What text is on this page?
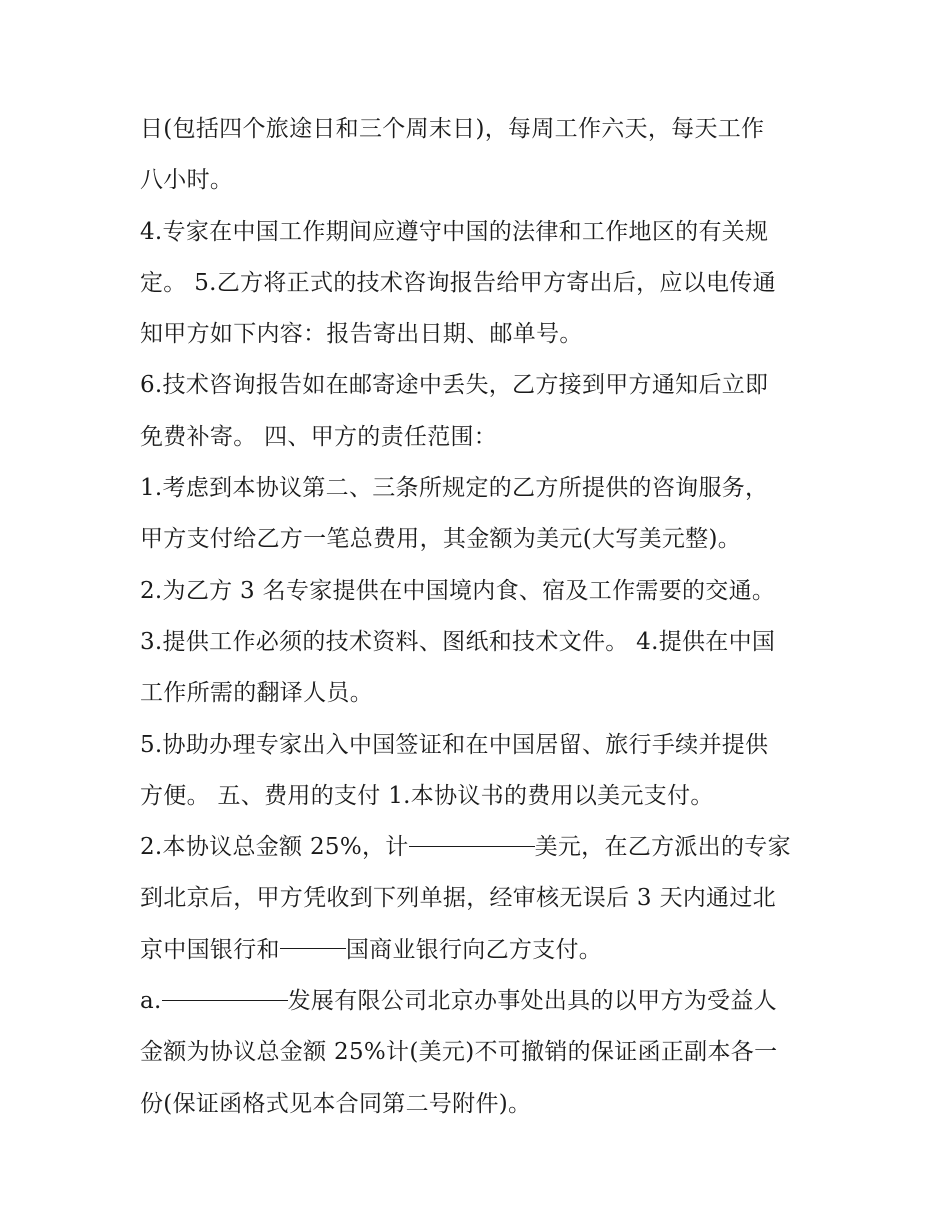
日(包括四个旅途日和三个周末日)，每周工作六天，每天工作
八小时。
4.专家在中国工作期间应遵守中国的法律和工作地区的有关规
定。 5.乙方将正式的技术咨询报告给甲方寄出后，应以电传通
知甲方如下内容：报告寄出日期、邮单号。
6.技术咨询报告如在邮寄途中丢失，乙方接到甲方通知后立即
免费补寄。 四、甲方的责任范围：
1.考虑到本协议第二、三条所规定的乙方所提供的咨询服务，
甲方支付给乙方一笔总费用，其金额为美元(大写美元整)。
2.为乙方 3 名专家提供在中国境内食、宿及工作需要的交通。
3.提供工作必须的技术资料、图纸和技术文件。 4.提供在中国
工作所需的翻译人员。
5.协助办理专家出入中国签证和在中国居留、旅行手续并提供
方便。 五、费用的支付 1.本协议书的费用以美元支付。
2.本协议总金额 25%，计	美元，在乙方派出的专家
到北京后，甲方凭收到下列单据，经审核无误后 3 天内通过北
京中国银行和	国商业银行向乙方支付。
a.	发展有限公司北京办事处出具的以甲方为受益人
金额为协议总金额 25%计(美元)不可撤销的保证函正副本各一
份(保证函格式见本合同第二号附件)。
